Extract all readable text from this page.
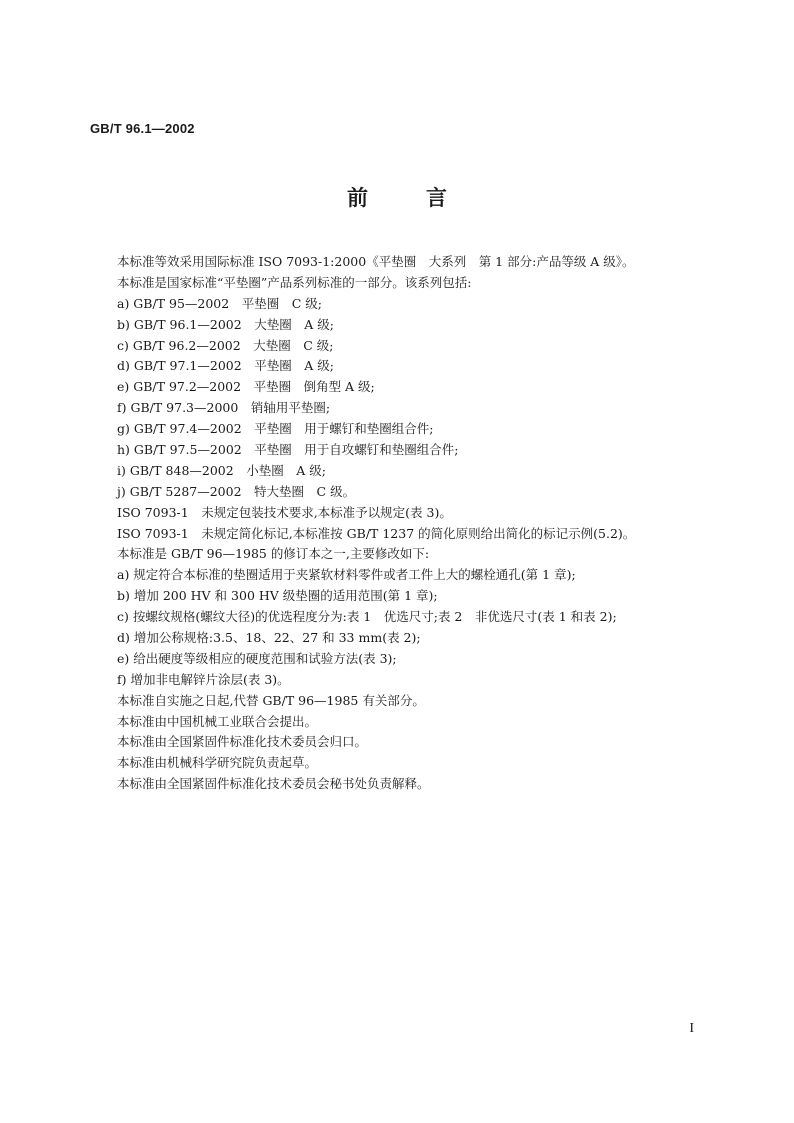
GB/T 96.1—2002
前言
本标准等效采用国际标准 ISO 7093-1:2000《平垫圈　大系列　第 1 部分:产品等级 A 级》。
本标准是国家标准“平垫圈”产品系列标准的一部分。该系列包括:
a) GB/T 95—2002　平垫圈　C 级;
b) GB/T 96.1—2002　大垫圈　A 级;
c) GB/T 96.2—2002　大垫圈　C 级;
d) GB/T 97.1—2002　平垫圈　A 级;
e) GB/T 97.2—2002　平垫圈　倒角型 A 级;
f) GB/T 97.3—2000　销轴用平垫圈;
g) GB/T 97.4—2002　平垫圈　用于螺钉和垫圈组合件;
h) GB/T 97.5—2002　平垫圈　用于自攻螺钉和垫圈组合件;
i) GB/T 848—2002　小垫圈　A 级;
j) GB/T 5287—2002　特大垫圈　C 级。
ISO 7093-1　未规定包装技术要求,本标准予以规定(表 3)。
ISO 7093-1　未规定简化标记,本标准按 GB/T 1237 的简化原则给出简化的标记示例(5.2)。
本标准是 GB/T 96—1985 的修订本之一,主要修改如下:
a) 规定符合本标准的垫圈适用于夹紧软材料零件或者工件上大的螺栓通孔(第 1 章);
b) 增加 200 HV 和 300 HV 级垫圈的适用范围(第 1 章);
c) 按螺纹规格(螺纹大径)的优选程度分为:表 1　优选尺寸;表 2　非优选尺寸(表 1 和表 2);
d) 增加公称规格:3.5、18、22、27 和 33 mm(表 2);
e) 给出硬度等级相应的硬度范围和试验方法(表 3);
f) 增加非电解锌片涂层(表 3)。
本标准自实施之日起,代替 GB/T 96—1985 有关部分。
本标准由中国机械工业联合会提出。
本标准由全国紧固件标准化技术委员会归口。
本标准由机械科学研究院负责起草。
本标准由全国紧固件标准化技术委员会秘书处负责解释。
I
